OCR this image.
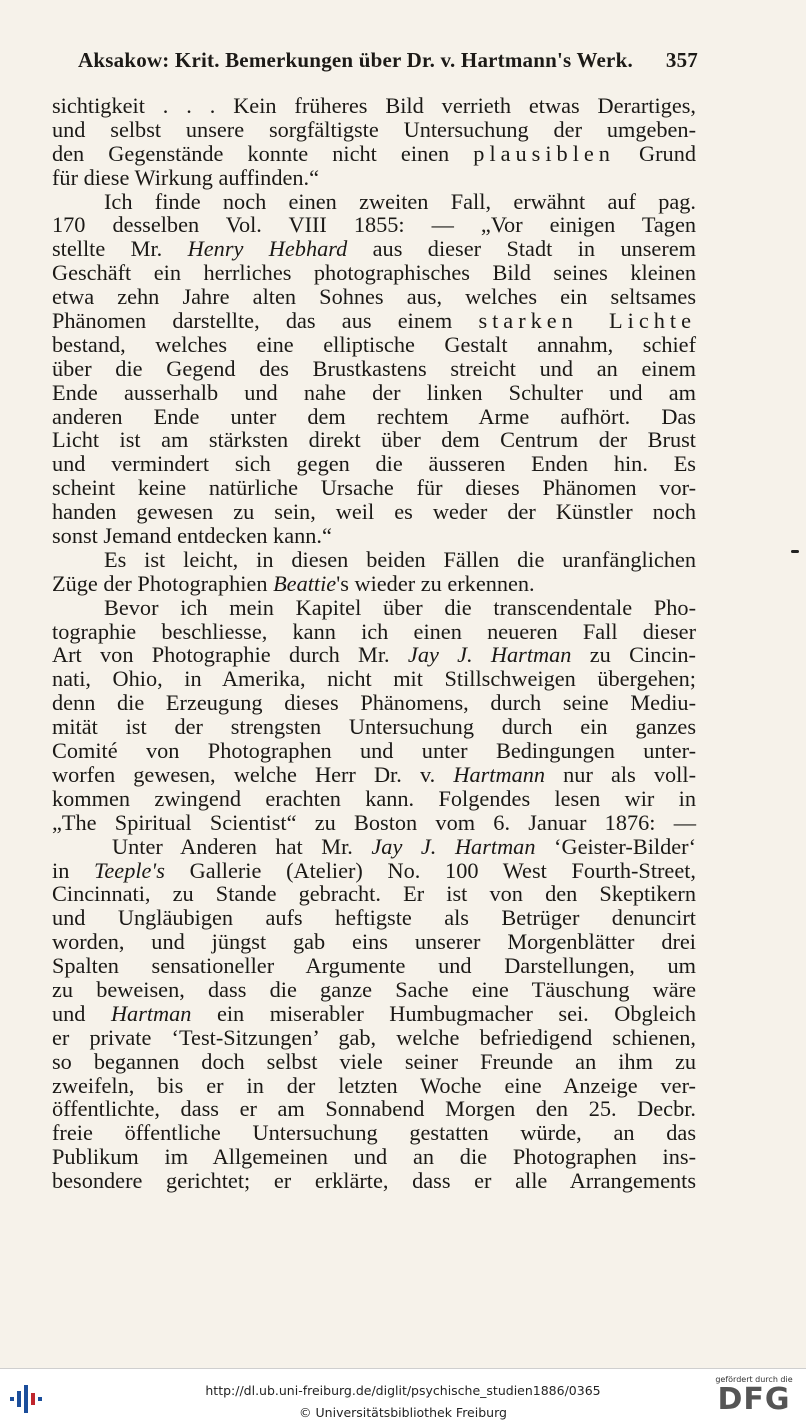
Aksakow: Krit. Bemerkungen über Dr. v. Hartmann's Werk. 357
sichtigkeit . . . Kein früheres Bild verrieth etwas Derartiges,
und selbst unsere sorgfältigste Untersuchung der umgeben-
den Gegenstände konnte nicht einen plausiblen Grund
für diese Wirkung auffinden.“
Ich finde noch einen zweiten Fall, erwähnt auf pag.
170 desselben Vol. VIII 1855: — „Vor einigen Tagen
stellte Mr. Henry Hebhard aus dieser Stadt in unserem
Geschäft ein herrliches photographisches Bild seines kleinen
etwa zehn Jahre alten Sohnes aus, welches ein seltsames
Phänomen darstellte, das aus einem starken Lichte
bestand, welches eine elliptische Gestalt annahm, schief
über die Gegend des Brustkastens streicht und an einem
Ende ausserhalb und nahe der linken Schulter und am
anderen Ende unter dem rechtem Arme aufhört. Das
Licht ist am stärksten direkt über dem Centrum der Brust
und vermindert sich gegen die äusseren Enden hin. Es
scheint keine natürliche Ursache für dieses Phänomen vor-
handen gewesen zu sein, weil es weder der Künstler noch
sonst Jemand entdecken kann.“
Es ist leicht, in diesen beiden Fällen die uranfänglichen
Züge der Photographien Beattie's wieder zu erkennen.
Bevor ich mein Kapitel über die transcendentale Pho-
tographie beschliesse, kann ich einen neueren Fall dieser
Art von Photographie durch Mr. Jay J. Hartman zu Cincin-
nati, Ohio, in Amerika, nicht mit Stillschweigen übergehen;
denn die Erzeugung dieses Phänomens, durch seine Mediu-
mität ist der strengsten Untersuchung durch ein ganzes
Comité von Photographen und unter Bedingungen unter-
worfen gewesen, welche Herr Dr. v. Hartmann nur als voll-
kommen zwingend erachten kann. Folgendes lesen wir in
„The Spiritual Scientist“ zu Boston vom 6. Januar 1876: —
Unter Anderen hat Mr. Jay J. Hartman ‘Geister-Bilder‘
in Teeple's Gallerie (Atelier) No. 100 West Fourth-Street,
Cincinnati, zu Stande gebracht. Er ist von den Skeptikern
und Ungläubigen aufs heftigste als Betrüger denuncirt
worden, und jüngst gab eins unserer Morgenblätter drei
Spalten sensationeller Argumente und Darstellungen, um
zu beweisen, dass die ganze Sache eine Täuschung wäre
und Hartman ein miserabler Humbugmacher sei. Obgleich
er private ‘Test-Sitzungen’ gab, welche befriedigend schienen,
so begannen doch selbst viele seiner Freunde an ihm zu
zweifeln, bis er in der letzten Woche eine Anzeige ver-
öffentlichte, dass er am Sonnabend Morgen den 25. Decbr.
freie öffentliche Untersuchung gestatten würde, an das
Publikum im Allgemeinen und an die Photographen ins-
besondere gerichtet; er erklärte, dass er alle Arrangements
http://dl.ub.uni-freiburg.de/diglit/psychische_studien1886/0365
© Universitätsbibliothek Freiburg
gefördert durch die
DFG
